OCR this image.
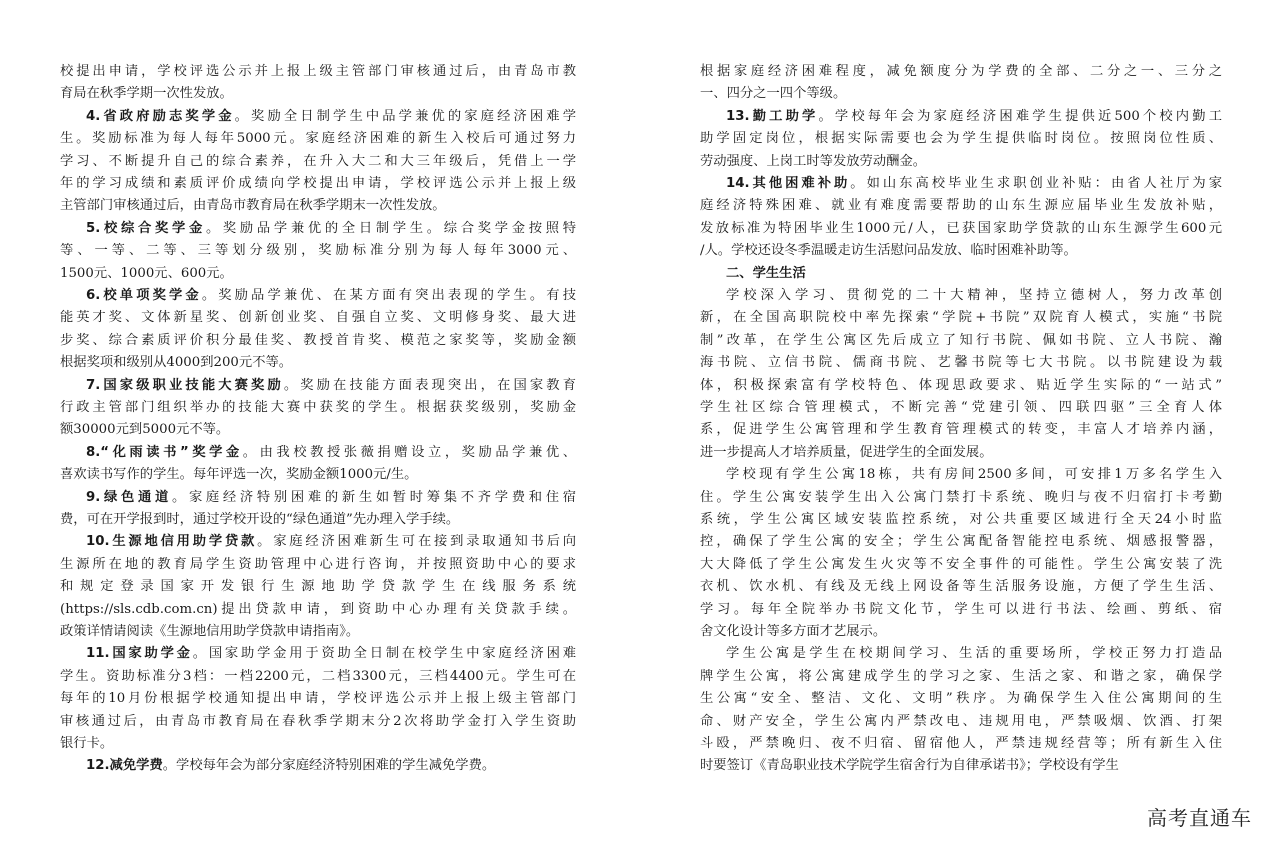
校提出申请，学校评选公示并上报上级主管部门审核通过后，由青岛市教
育局在秋季学期一次性发放。
4.省政府励志奖学金。奖励全日制学生中品学兼优的家庭经济困难学
生。奖励标准为每人每年5000元。家庭经济困难的新生入校后可通过努力
学习、不断提升自己的综合素养，在升入大二和大三年级后，凭借上一学
年的学习成绩和素质评价成绩向学校提出申请，学校评选公示并上报上级
主管部门审核通过后，由青岛市教育局在秋季学期末一次性发放。
5.校综合奖学金。奖励品学兼优的全日制学生。综合奖学金按照特
等、一等、二等、三等划分级别，奖励标准分别为每人每年3000元、
1500元、1000元、600元。
6.校单项奖学金。奖励品学兼优、在某方面有突出表现的学生。有技
能英才奖、文体新星奖、创新创业奖、自强自立奖、文明修身奖、最大进
步奖、综合素质评价积分最佳奖、教授首肯奖、模范之家奖等，奖励金额
根据奖项和级别从4000到200元不等。
7.国家级职业技能大赛奖励。奖励在技能方面表现突出，在国家教育
行政主管部门组织举办的技能大赛中获奖的学生。根据获奖级别，奖励金
额30000元到5000元不等。
8.“化雨读书”奖学金。由我校教授张薇捐赠设立，奖励品学兼优、
喜欢读书写作的学生。每年评选一次，奖励金额1000元/生。
9.绿色通道。家庭经济特别困难的新生如暂时筹集不齐学费和住宿
费，可在开学报到时，通过学校开设的“绿色通道”先办理入学手续。
10.生源地信用助学贷款。家庭经济困难新生可在接到录取通知书后向
生源所在地的教育局学生资助管理中心进行咨询，并按照资助中心的要求
和规定登录国家开发银行生源地助学贷款学生在线服务系统
(https://sls.cdb.com.cn)提出贷款申请，到资助中心办理有关贷款手续。
政策详情请阅读《生源地信用助学贷款申请指南》。
11.国家助学金。国家助学金用于资助全日制在校学生中家庭经济困难
学生。资助标准分3档：一档2200元，二档3300元，三档4400元。学生可在
每年的10月份根据学校通知提出申请，学校评选公示并上报上级主管部门
审核通过后，由青岛市教育局在春秋季学期末分2次将助学金打入学生资助
银行卡。
12.减免学费。学校每年会为部分家庭经济特别困难的学生减免学费。
根据家庭经济困难程度，减免额度分为学费的全部、二分之一、三分之
一、四分之一四个等级。
13.勤工助学。学校每年会为家庭经济困难学生提供近500个校内勤工
助学固定岗位，根据实际需要也会为学生提供临时岗位。按照岗位性质、
劳动强度、上岗工时等发放劳动酬金。
14.其他困难补助。如山东高校毕业生求职创业补贴：由省人社厅为家
庭经济特殊困难、就业有难度需要帮助的山东生源应届毕业生发放补贴，
发放标准为特困毕业生1000元/人，已获国家助学贷款的山东生源学生600元
/人。学校还设冬季温暖走访生活慰问品发放、临时困难补助等。
二、学生生活
学校深入学习、贯彻党的二十大精神，坚持立德树人，努力改革创
新，在全国高职院校中率先探索“学院+书院”双院育人模式，实施“书院
制”改革，在学生公寓区先后成立了知行书院、佩如书院、立人书院、瀚
海书院、立信书院、儒商书院、艺馨书院等七大书院。以书院建设为载
体，积极探索富有学校特色、体现思政要求、贴近学生实际的“一站式”
学生社区综合管理模式，不断完善“党建引领、四联四驱”三全育人体
系，促进学生公寓管理和学生教育管理模式的转变，丰富人才培养内涵，
进一步提高人才培养质量，促进学生的全面发展。
学校现有学生公寓18栋，共有房间2500多间，可安排1万多名学生入
住。学生公寓安装学生出入公寓门禁打卡系统、晚归与夜不归宿打卡考勤
系统，学生公寓区域安装监控系统，对公共重要区域进行全天24小时监
控，确保了学生公寓的安全；学生公寓配备智能控电系统、烟感报警器，
大大降低了学生公寓发生火灾等不安全事件的可能性。学生公寓安装了洗
衣机、饮水机、有线及无线上网设备等生活服务设施，方便了学生生活、
学习。每年全院举办书院文化节，学生可以进行书法、绘画、剪纸、宿
舍文化设计等多方面才艺展示。
学生公寓是学生在校期间学习、生活的重要场所，学校正努力打造品
牌学生公寓，将公寓建成学生的学习之家、生活之家、和谐之家，确保学
生公寓“安全、整洁、文化、文明”秩序。为确保学生入住公寓期间的生
命、财产安全，学生公寓内严禁改电、违规用电，严禁吸烟、饮酒、打架
斗殴，严禁晚归、夜不归宿、留宿他人，严禁违规经营等；所有新生入住
时要签订《青岛职业技术学院学生宿舍行为自律承诺书》；学校设有学生
高考直通车
